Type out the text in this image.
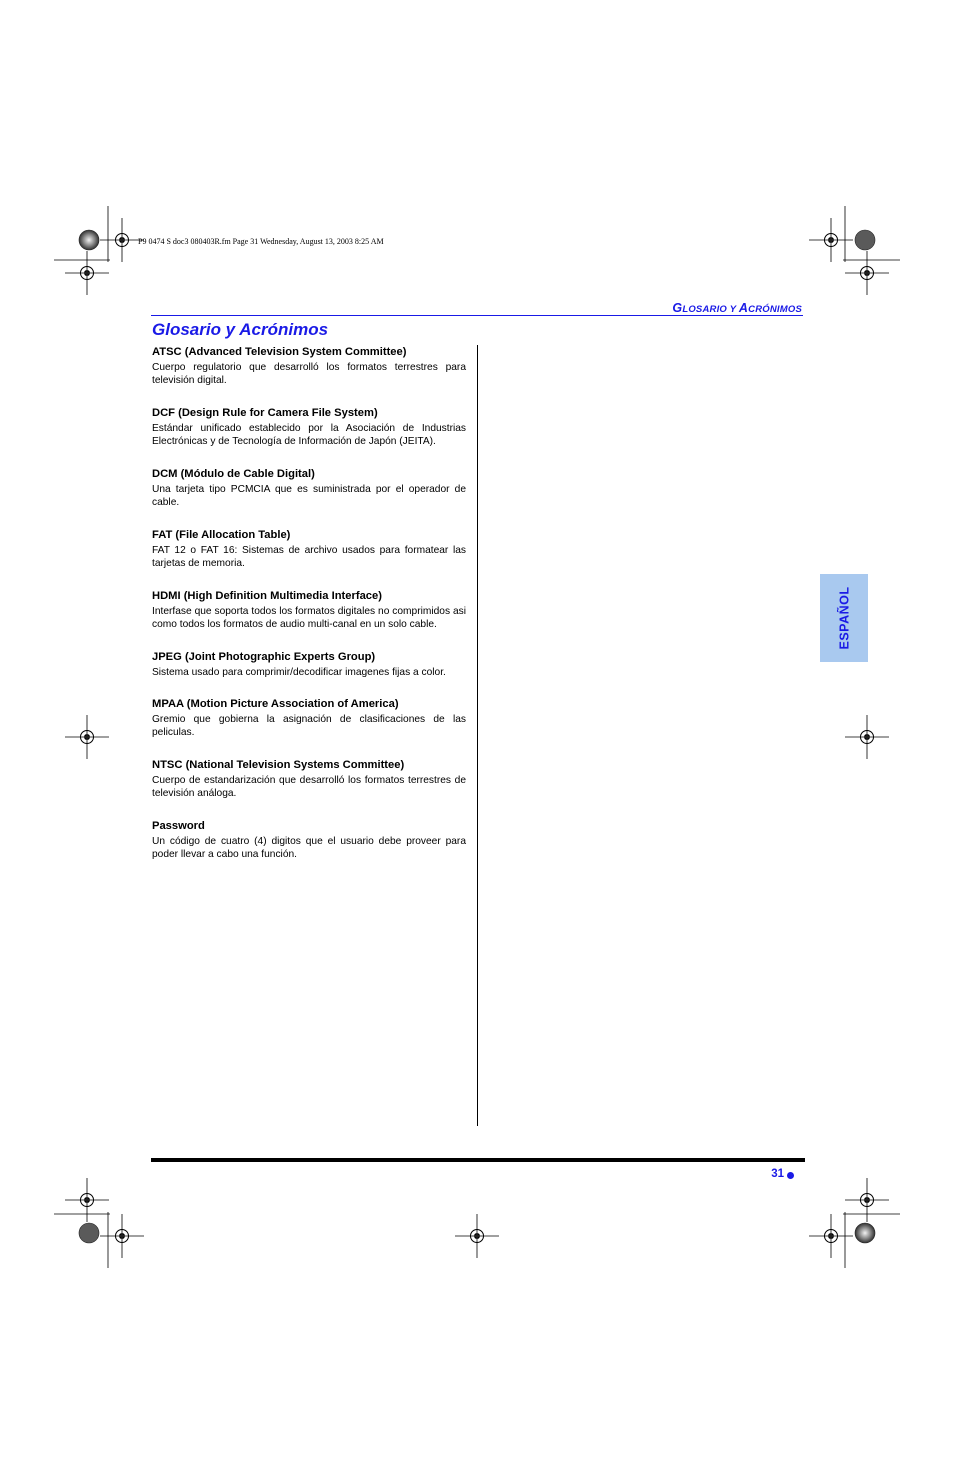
P9 0474 S doc3 080403R.fm Page 31 Wednesday, August 13, 2003 8:25 AM
GLOSARIO Y ACRÓNIMOS
Glosario y Acrónimos

ATSC (Advanced Television System Committee)

Cuerpo regulatorio que desarrolló los formatos terrestres para televisión digital.

DCF (Design Rule for Camera File System)

Estándar unificado establecido por la Asociación de Industrias Electrónicas y de Tecnología de Información de Japón (JEITA).

DCM (Módulo de Cable Digital)

Una tarjeta tipo PCMCIA que es suministrada por el operador de cable.

FAT (File Allocation Table)

FAT 12 o FAT 16: Sistemas de archivo usados para formatear las tarjetas de memoria.

HDMI (High Definition Multimedia Interface)

Interfase que soporta todos los formatos digitales no comprimidos asi como todos los formatos de audio multi-canal en un solo cable.

JPEG (Joint Photographic Experts Group)

Sistema usado para comprimir/decodificar imagenes fijas a color.

MPAA (Motion Picture Association of America)

Gremio que gobierna la asignación de clasificaciones de las peliculas.

NTSC (National Television Systems Committee)

Cuerpo de estandarización que desarrolló los formatos terrestres de televisión análoga.

Password

Un código de cuatro (4) digitos que el usuario debe proveer para poder llevar a cabo una función.

ESPAÑOL
31
